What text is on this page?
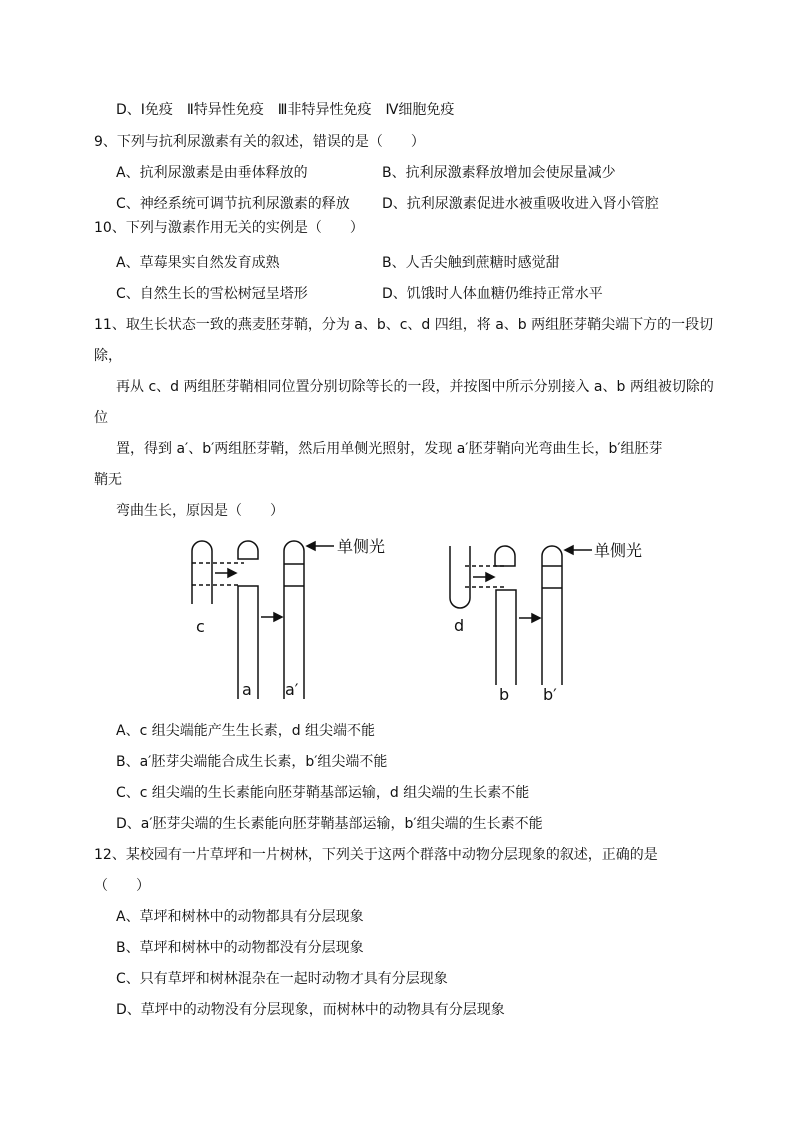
D、Ⅰ免疫　Ⅱ特异性免疫　Ⅲ非特异性免疫　Ⅳ细胞免疫
9、下列与抗利尿激素有关的叙述，错误的是（　　）
A、抗利尿激素是由垂体释放的	B、抗利尿激素释放增加会使尿量减少
C、神经系统可调节抗利尿激素的释放 D、抗利尿激素促进水被重吸收进入肾小管腔
10、下列与激素作用无关的实例是（　　）
A、草莓果实自然发育成熟	B、人舌尖触到蔗糖时感觉甜
C、自然生长的雪松树冠呈塔形	D、饥饿时人体血糖仍维持正常水平
11、取生长状态一致的燕麦胚芽鞘，分为 a、b、c、d 四组，将 a、b 两组胚芽鞘尖端下方的一段切
除，
再从 c、d 两组胚芽鞘相同位置分别切除等长的一段，并按图中所示分别接入 a、b 两组被切除的
位
置，得到 a′、b′两组胚芽鞘，然后用单侧光照射，发现 a′胚芽鞘向光弯曲生长，b′组胚芽
鞘无
弯曲生长，原因是（　　）
单侧光	单侧光
c
a a′
d
b b′
A、c 组尖端能产生生长素，d 组尖端不能
B、a′胚芽尖端能合成生长素，b′组尖端不能
C、c 组尖端的生长素能向胚芽鞘基部运输，d 组尖端的生长素不能
D、a′胚芽尖端的生长素能向胚芽鞘基部运输，b′组尖端的生长素不能
12、某校园有一片草坪和一片树林，下列关于这两个群落中动物分层现象的叙述，正确的是
（　　）
A、草坪和树林中的动物都具有分层现象
B、草坪和树林中的动物都没有分层现象
C、只有草坪和树林混杂在一起时动物才具有分层现象
D、草坪中的动物没有分层现象，而树林中的动物具有分层现象
